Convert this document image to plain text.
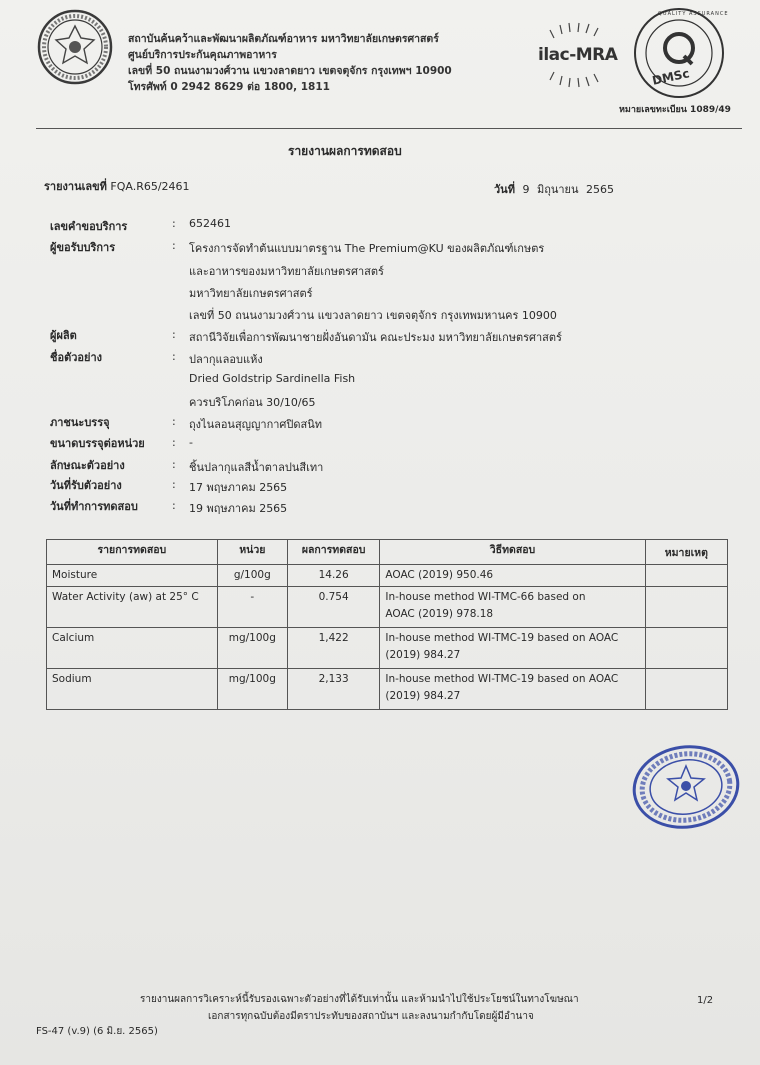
สถาบันค้นคว้าและพัฒนาผลิตภัณฑ์อาหาร มหาวิทยาลัยเกษตรศาสตร์
ศูนย์บริการประกันคุณภาพอาหาร
เลขที่ 50 ถนนงามวงศ์วาน แขวงลาดยาว เขตจตุจักร กรุงเทพฯ 10900
โทรศัพท์ 0 2942 8629 ต่อ 1800, 1811
ilac-MRA
DMSc
QUALITY ASSURANCE
หมายเลขทะเบียน 1089/49
รายงานผลการทดสอบ
รายงานเลขที่ FQA.R65/2461	วันที่ 9 มิถุนายน 2565
เลขคำขอบริการ	: 652461
ผู้ขอรับบริการ	: โครงการจัดทำต้นแบบมาตรฐาน The Premium@KU ของผลิตภัณฑ์เกษตร
และอาหารของมหาวิทยาลัยเกษตรศาสตร์
มหาวิทยาลัยเกษตรศาสตร์
เลขที่ 50 ถนนงามวงศ์วาน แขวงลาดยาว เขตจตุจักร กรุงเทพมหานคร 10900
ผู้ผลิต	: สถานีวิจัยเพื่อการพัฒนาชายฝั่งอันดามัน คณะประมง มหาวิทยาลัยเกษตรศาสตร์
ชื่อตัวอย่าง	: ปลากุแลอบแห้ง
Dried Goldstrip Sardinella Fish
ควรบริโภคก่อน 30/10/65
ภาชนะบรรจุ	: ถุงไนลอนสุญญากาศปิดสนิท
ขนาดบรรจุต่อหน่วย : -
ลักษณะตัวอย่าง	: ชิ้นปลากุแลสีน้ำตาลปนสีเทา
วันที่รับตัวอย่าง	: 17 พฤษภาคม 2565
วันที่ทำการทดสอบ	: 19 พฤษภาคม 2565
รายการทดสอบ	หน่วย	ผลการทดสอบ	วิธีทดสอบ	หมายเหตุ
Moisture	g/100g	14.26	AOAC (2019) 950.46	
Water Activity (aw) at 25° C	-	0.754	In-house method WI-TMC-66 based on
AOAC (2019) 978.18	

Calcium	mg/100g	1,422	In-house method WI-TMC-19 based on AOAC
(2019) 984.27	

Sodium	mg/100g	2,133	In-house method WI-TMC-19 based on AOAC
(2019) 984.27	

รายงานผลการวิเคราะห์นี้รับรองเฉพาะตัวอย่างที่ได้รับเท่านั้น และห้ามนำไปใช้ประโยชน์ในทางโฆษณา
เอกสารทุกฉบับต้องมีตราประทับของสถาบันฯ และลงนามกำกับโดยผู้มีอำนาจ
1/2
FS-47 (v.9) (6 มิ.ย. 2565)
